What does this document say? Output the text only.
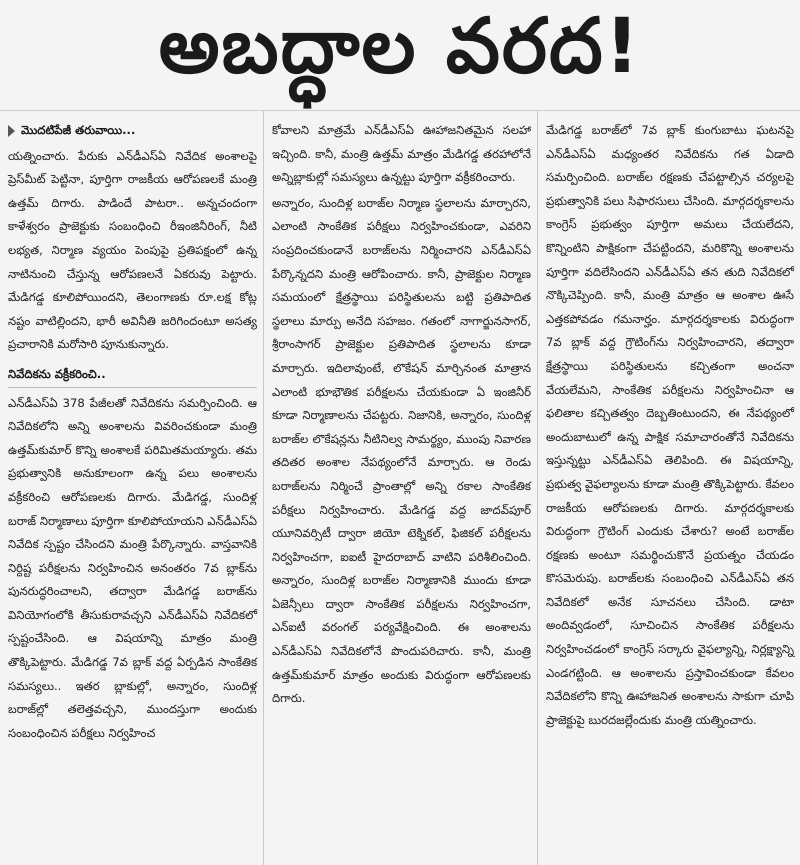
అబద్ధాల వరద!
మొదటిపేజీ తరువాయి...

యత్నించారు. పేరుకు ఎన్‌డీఎస్‌ఏ నివేదిక అంశాలపై ప్రెస్‌మీట్ పెట్టినా, పూర్తిగా రాజకీయ ఆరోపణలకే మంత్రి ఉత్తమ్ దిగారు. పాడిందే పాటరా.. అన్నచందంగా కాళేశ్వరం ప్రాజెక్టుకు సంబంధించి రీఇంజినీరింగ్, నీటి లభ్యత, నిర్మాణ వ్యయం పెంపుపై ప్రతిపక్షంలో ఉన్న నాటినుంచి చేస్తున్న ఆరోపణలనే ఏకరువు పెట్టారు. మేడిగడ్డ కూలిపోయిందని, తెలంగాణకు రూ.లక్ష కోట్ల నష్టం వాటిల్లిందని, భారీ అవినీతి జరిగిందంటూ అసత్య ప్రచారానికి మరోసారి పూనుకున్నారు.

నివేదికను వక్రీకరించి..

ఎన్‌డీఎస్‌ఏ 378 పేజీలతో నివేదికను సమర్పించింది. ఆ నివేదికలోని అన్ని అంశాలను వివరించకుండా మంత్రి ఉత్తమ్‌కుమార్ కొన్ని అంశాలకే పరిమితమయ్యారు. తమ ప్రభుత్వానికి అనుకూలంగా ఉన్న పలు అంశాలను వక్రీకరించి ఆరోపణలకు దిగారు. మేడిగడ్డ, సుందిళ్ల బరాజ్ నిర్మాణాలు పూర్తిగా కూలిపోయాయని ఎన్‌డీఎస్‌ఏ నివేదిక స్పష్టం చేసిందని మంత్రి పేర్కొన్నారు. వాస్తవానికి నిర్దిష్ట పరీక్షలను నిర్వహించిన అనంతరం 7వ బ్లాక్‌ను పునరుద్ధరించాలని, తద్వారా మేడిగడ్డ బరాజ్‌ను వినియోగంలోకి తీసుకురావచ్చని ఎన్‌డీఎస్‌ఏ నివేదికలో స్పష్టంచేసింది. ఆ విషయాన్ని మాత్రం మంత్రి తొక్కిపెట్టారు. మేడిగడ్డ 7వ బ్లాక్ వద్ద ఏర్పడిన సాంకేతిక సమస్యలు.. ఇతర బ్లాకుల్లో, అన్నారం, సుందిళ్ల బరాజ్‌ల్లో తలెత్తవచ్చని, ముందస్తుగా అందుకు సంబంధించిన పరీక్షలు నిర్వహించ

కోవాలని మాత్రమే ఎన్‌డీఎస్‌ఏ ఊహాజనితమైన సలహా ఇచ్చింది. కానీ, మంత్రి ఉత్తమ్ మాత్రం మేడిగడ్డ తరహాలోనే అన్నిబ్లాకుల్లో సమస్యలు ఉన్నట్టు పూర్తిగా వక్రీకరించారు.

అన్నారం, సుందిళ్ల బరాజ్‌ల నిర్మాణ స్థలాలను మార్చారని, ఎలాంటి సాంకేతిక పరీక్షలు నిర్వహించకుండా, ఎవరిని సంప్రదించకుండానే బరాజ్‌లను నిర్మించారని ఎన్‌డీఎస్‌ఏ పేర్కొన్నదని మంత్రి ఆరోపించారు. కానీ, ప్రాజెక్టుల నిర్మాణ సమయంలో క్షేత్రస్థాయి పరిస్థితులను బట్టి ప్రతిపాదిత స్థలాలు మార్పు అనేది సహజం. గతంలో నాగార్జునసాగర్, శ్రీరాంసాగర్ ప్రాజెక్టుల ప్రతిపాదిత స్థలాలను కూడా మార్చారు. ఇదిలావుంటే, లొకేషన్ మార్చినంత మాత్రాన ఎలాంటి భూభౌతిక పరీక్షలను చేయకుండా ఏ ఇంజినీర్ కూడా నిర్మాణాలను చేపట్టరు. నిజానికి, అన్నారం, సుందిళ్ల బరాజ్‌ల లొకేషన్లను నీటినిల్వ సామర్థ్యం, ముంపు నివారణ తదితర అంశాల నేపథ్యంలోనే మార్చారు. ఆ రెండు బరాజ్‌లను నిర్మించే ప్రాంతాల్లో అన్ని రకాల సాంకేతిక పరీక్షలు నిర్వహించారు. మేడిగడ్డ వద్ద జాదవ్‌పూర్ యూనివర్సిటీ ద్వారా జియో టెక్నికల్, ఫిజికల్ పరీక్షలను నిర్వహించగా, ఐఐటీ హైదరాబాద్ వాటిని పరిశీలించింది. అన్నారం, సుందిళ్ల బరాజ్‌ల నిర్మాణానికి ముందు కూడా ఏజెన్సీలు ద్వారా సాంకేతిక పరీక్షలను నిర్వహించగా, ఎన్‌ఐటీ వరంగల్ పర్యవేక్షించింది. ఈ అంశాలను ఎన్‌డీఎస్‌ఏ నివేదికలోనే పొందుపరిచారు. కానీ, మంత్రి ఉత్తమ్‌కుమార్ మాత్రం అందుకు విరుద్ధంగా ఆరోపణలకు దిగారు.

మేడిగడ్డ బరాజ్‌లో 7వ బ్లాక్ కుంగుబాటు ఘటనపై ఎన్‌డీఎస్‌ఏ మధ్యంతర నివేదికను గత ఏడాది సమర్పించింది. బరాజ్‌ల రక్షణకు చేపట్టాల్సిన చర్యలపై ప్రభుత్వానికి పలు సిఫారసులు చేసింది. మార్గదర్శకాలను కాంగ్రెస్ ప్రభుత్వం పూర్తిగా అమలు చేయలేదని, కొన్నింటిని పాక్షికంగా చేపట్టిందని, మరికొన్ని అంశాలను పూర్తిగా వదిలేసిందని ఎన్‌డీఎస్‌ఏ తన తుది నివేదికలో నొక్కిచెప్పింది. కానీ, మంత్రి మాత్రం ఆ అంశాల ఊసే ఎత్తకపోవడం గమనార్హం. మార్గదర్శకాలకు విరుద్ధంగా 7వ బ్లాక్ వద్ద గ్రౌటింగ్‌ను నిర్వహించారని, తద్వారా క్షేత్రస్థాయి పరిస్థితులను కచ్చితంగా అంచనా వేయలేమని, సాంకేతిక పరీక్షలను నిర్వహించినా ఆ ఫలితాల కచ్చితత్వం దెబ్బతింటుందని, ఈ నేపథ్యంలో అందుబాటులో ఉన్న పాక్షిక సమాచారంతోనే నివేదికను ఇస్తున్నట్టు ఎన్‌డీఎస్‌ఏ తెలిపింది. ఈ విషయాన్ని, ప్రభుత్వ వైఫల్యాలను కూడా మంత్రి తొక్కిపెట్టారు. కేవలం రాజకీయ ఆరోపణలకు దిగారు. మార్గదర్శకాలకు విరుద్ధంగా గ్రౌటింగ్ ఎందుకు చేశారు? అంటే బరాజ్‌ల రక్షణకు అంటూ సమర్థించుకొనే ప్రయత్నం చేయడం కొసమెరుపు. బరాజ్‌లకు సంబంధించి ఎన్‌డీఎస్‌ఏ తన నివేదికలో అనేక సూచనలు చేసింది. డాటా అందివ్వడంలో, సూచించిన సాంకేతిక పరీక్షలను నిర్వహించడంలో కాంగ్రెస్ సర్కారు వైఫల్యాన్ని, నిర్లక్ష్యాన్ని ఎండగట్టింది. ఆ అంశాలను ప్రస్తావించకుండా కేవలం నివేదికలోని కొన్ని ఊహాజనిత అంశాలను సాకుగా చూపి ప్రాజెక్టుపై బురదజల్లేందుకు మంత్రి యత్నించారు.
